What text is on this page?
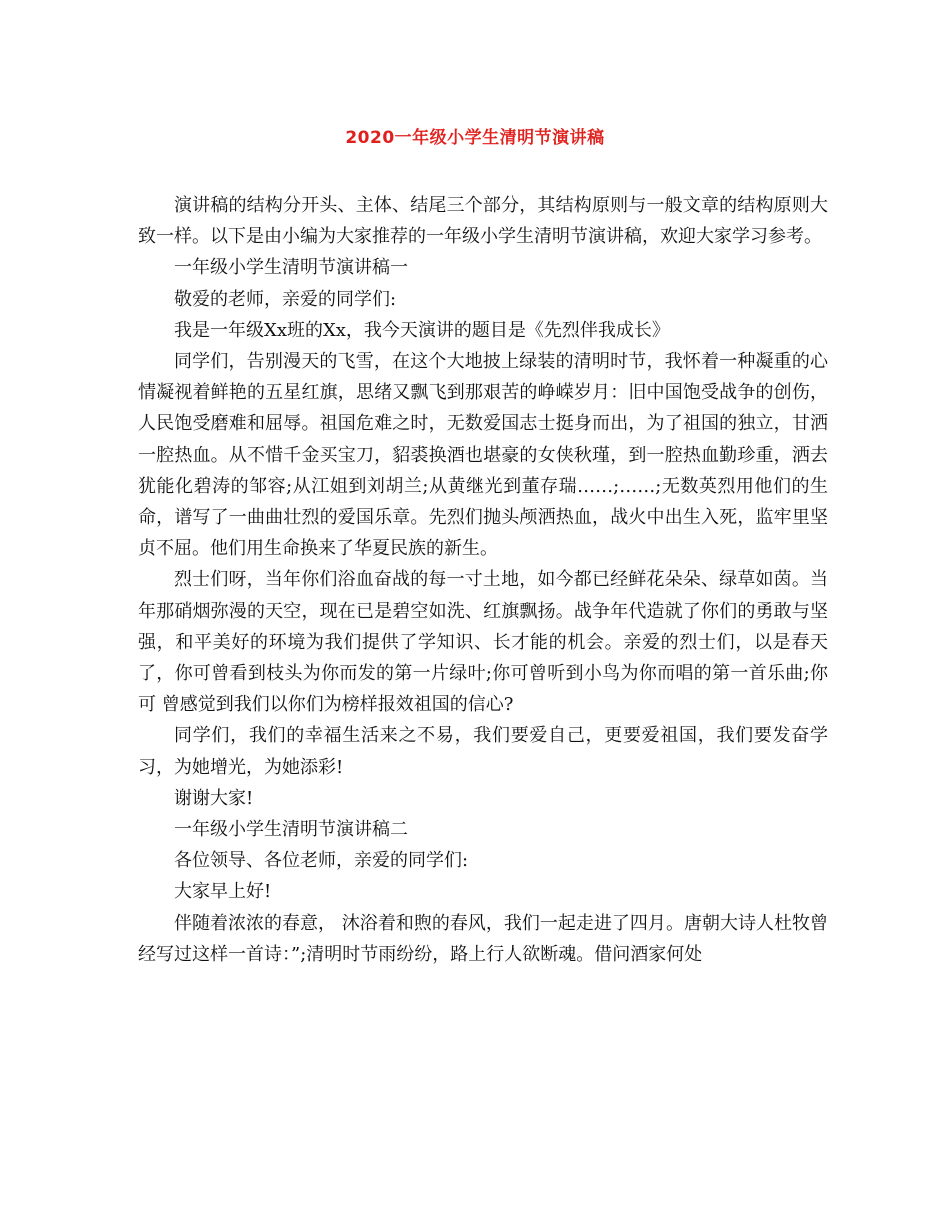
2020一年级小学生清明节演讲稿

演讲稿的结构分开头、主体、结尾三个部分，其结构原则与一般文章的结构原则大致一样。以下是由小编为大家推荐的一年级小学生清明节演讲稿，欢迎大家学习参考。

一年级小学生清明节演讲稿一

敬爱的老师，亲爱的同学们:

我是一年级Xx班的Xx，我今天演讲的题目是《先烈伴我成长》

同学们，告别漫天的飞雪，在这个大地披上绿装的清明时节，我怀着一种凝重的心情凝视着鲜艳的五星红旗，思绪又飘飞到那艰苦的峥嵘岁月：旧中国饱受战争的创伤，人民饱受磨难和屈辱。祖国危难之时，无数爱国志士挺身而出，为了祖国的独立，甘洒一腔热血。从不惜千金买宝刀，貂裘换酒也堪豪的女侠秋瑾，到一腔热血勤珍重，洒去犹能化碧涛的邹容;从江姐到刘胡兰;从黄继光到董存瑞……;……;无数英烈用他们的生命，谱写了一曲曲壮烈的爱国乐章。先烈们抛头颅洒热血，战火中出生入死，监牢里坚贞不屈。他们用生命换来了华夏民族的新生。

烈士们呀，当年你们浴血奋战的每一寸土地，如今都已经鲜花朵朵、绿草如茵。当年那硝烟弥漫的天空，现在已是碧空如洗、红旗飘扬。战争年代造就了你们的勇敢与坚强，和平美好的环境为我们提供了学知识、长才能的机会。亲爱的烈士们，以是春天了，你可曾看到枝头为你而发的第一片绿叶;你可曾听到小鸟为你而唱的第一首乐曲;你可 曾感觉到我们以你们为榜样报效祖国的信心?

同学们，我们的幸福生活来之不易，我们要爱自己，更要爱祖国，我们要发奋学习，为她增光，为她添彩!

谢谢大家!

一年级小学生清明节演讲稿二

各位领导、各位老师，亲爱的同学们:

大家早上好!

伴随着浓浓的春意， 沐浴着和煦的春风，我们一起走进了四月。唐朝大诗人杜牧曾经写过这样一首诗：”;清明时节雨纷纷，路上行人欲断魂。借问酒家何处
